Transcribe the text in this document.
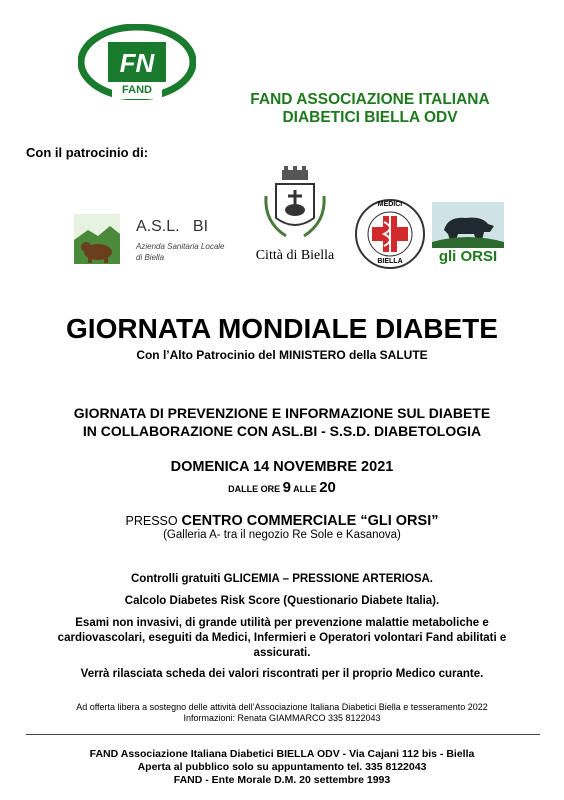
FN
FAND
FAND ASSOCIAZIONE ITALIANA
DIABETICI BIELLA ODV
Con il patrocinio di:
A.S.L.   BI
Azienda Sanitaria Locale
di Biella	Città di Biella
MEDICI
BIELLA	gli ORSI
GIORNATA MONDIALE DIABETE
Con l’Alto Patrocinio del MINISTERO della SALUTE
GIORNATA DI PREVENZIONE E INFORMAZIONE SUL DIABETE
IN COLLABORAZIONE CON ASL.BI - S.S.D. DIABETOLOGIA
DOMENICA 14 NOVEMBRE 2021
DALLE ORE 9 ALLE 20
PRESSO CENTRO COMMERCIALE “GLI ORSI”
(Galleria A- tra il negozio Re Sole e Kasanova)
Controlli gratuiti GLICEMIA – PRESSIONE ARTERIOSA.
Calcolo Diabetes Risk Score (Questionario Diabete Italia).
Esami non invasivi, di grande utilità per prevenzione malattie metaboliche e cardiovascolari, eseguiti da Medici, Infermieri e Operatori volontari Fand abilitati e assicurati.
Verrà rilasciata scheda dei valori riscontrati per il proprio Medico curante.
Ad offerta libera a sostegno delle attività dell’Associazione Italiana Diabetici Biella e tesseramento 2022
Informazioni: Renata GIAMMARCO 335 8122043
FAND Associazione Italiana Diabetici BIELLA ODV - Via Cajani 112 bis - Biella
Aperta al pubblico solo su appuntamento tel. 335 8122043
FAND - Ente Morale D.M. 20 settembre 1993
